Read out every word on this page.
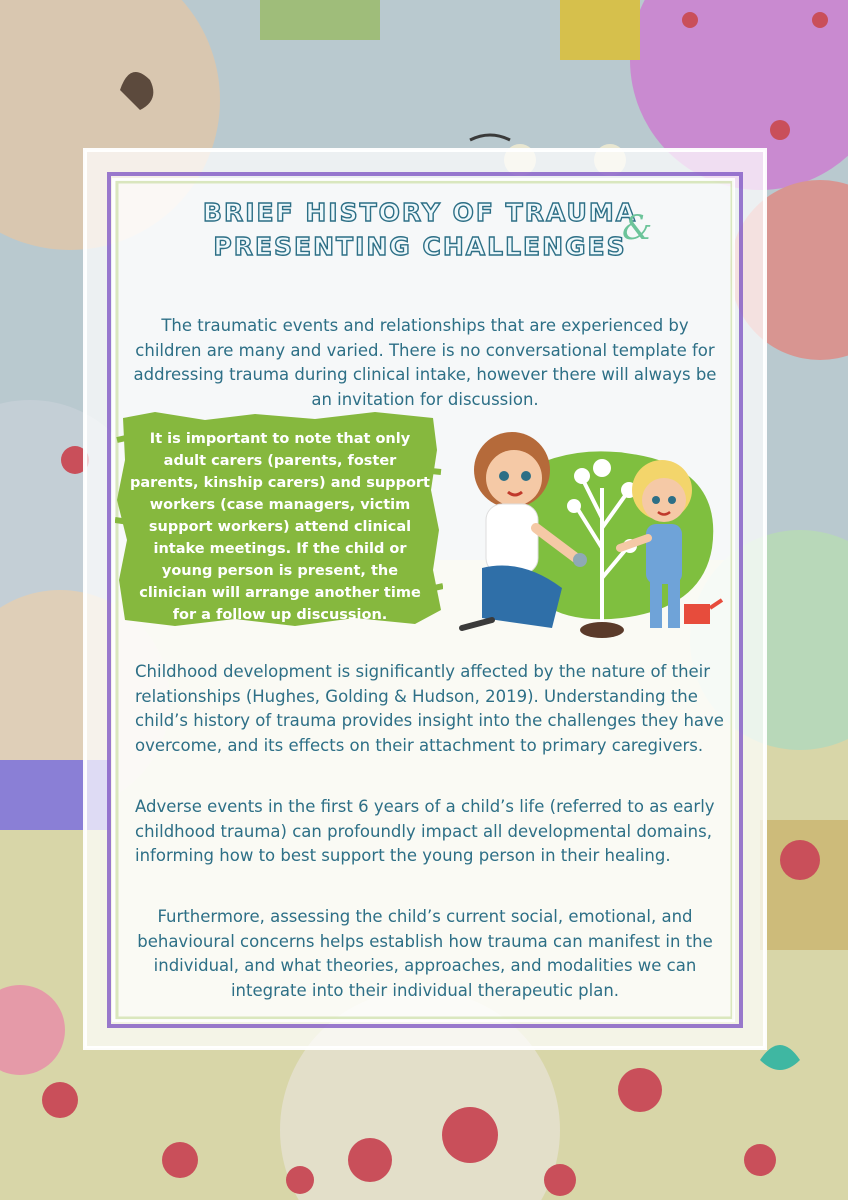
BRIEF HISTORY OF TRAUMA
PRESENTING CHALLENGES
&

The traumatic events and relationships that are experienced by children are many and varied. There is no conversational template for addressing trauma during clinical intake, however there will always be an invitation for discussion.

It is important to note that only adult carers (parents, foster parents, kinship carers) and support workers (case managers, victim support workers) attend clinical intake meetings. If the child or young person is present, the clinician will arrange another time for a follow up discussion.

Childhood development is significantly affected by the nature of their relationships (Hughes, Golding & Hudson, 2019). Understanding the child’s history of trauma provides insight into the challenges they have overcome, and its effects on their attachment to primary caregivers.

Adverse events in the first 6 years of a child’s life (referred to as early childhood trauma) can profoundly impact all developmental domains, informing how to best support the young person in their healing.

Furthermore, assessing the child’s current social, emotional, and behavioural concerns helps establish how trauma can manifest in the individual, and what theories, approaches, and modalities we can integrate into their individual therapeutic plan.
